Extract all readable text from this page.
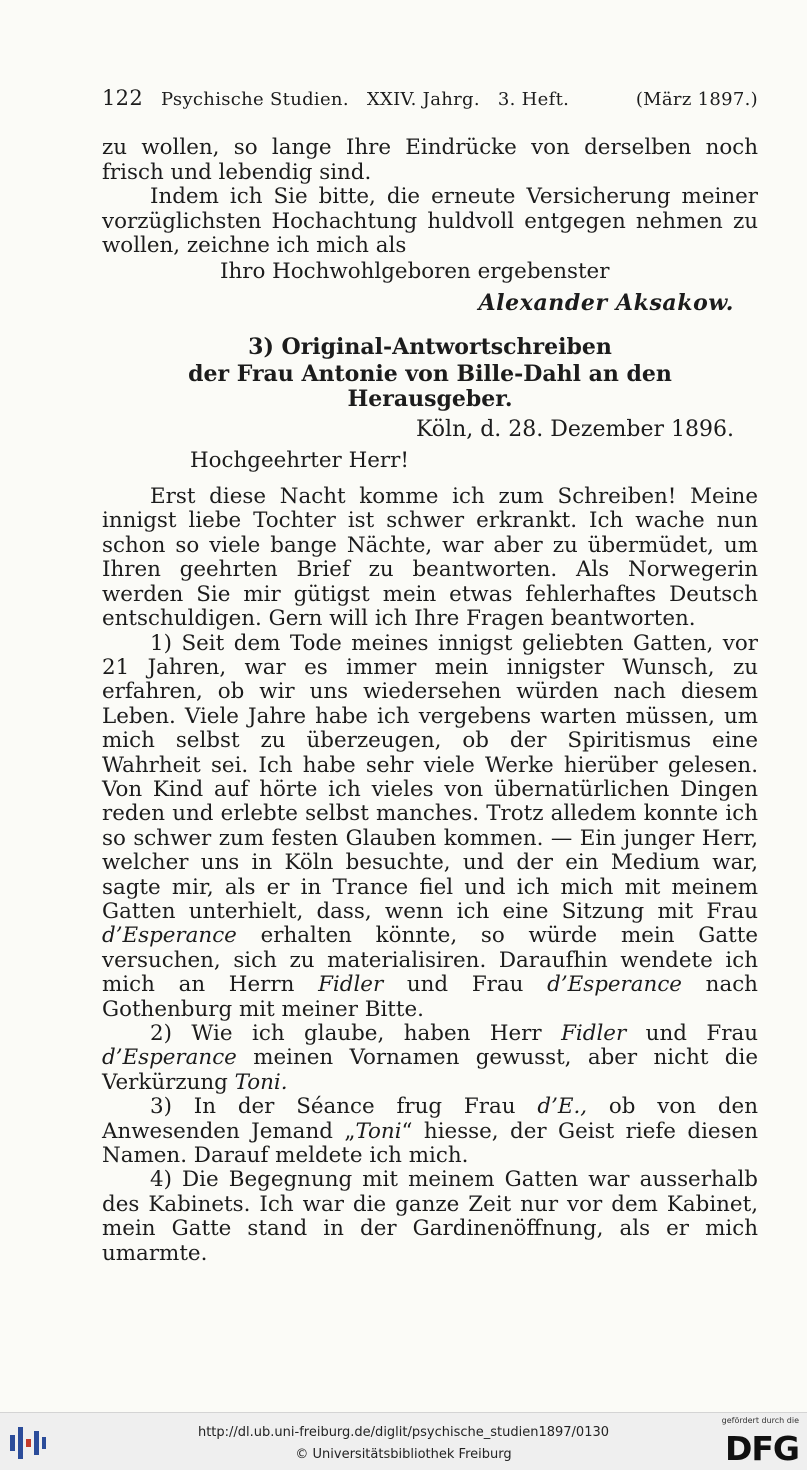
122 Psychische Studien. XXIV. Jahrg. 3. Heft.	(März 1897.)

zu wollen, so lange Ihre Eindrücke von derselben noch frisch und lebendig sind.

Indem ich Sie bitte, die erneute Versicherung meiner vorzüglichsten Hochachtung huldvoll entgegen nehmen zu wollen, zeichne ich mich als

Ihro Hochwohlgeboren ergebenster

Alexander Aksakow.

3) Original-Antwortschreiben

der Frau Antonie von Bille-Dahl an den Herausgeber.

Köln, d. 28. Dezember 1896.

Hochgeehrter Herr!

Erst diese Nacht komme ich zum Schreiben! Meine innigst liebe Tochter ist schwer erkrankt. Ich wache nun schon so viele bange Nächte, war aber zu übermüdet, um Ihren geehrten Brief zu beantworten. Als Norwegerin werden Sie mir gütigst mein etwas fehlerhaftes Deutsch entschuldigen. Gern will ich Ihre Fragen beantworten.

1) Seit dem Tode meines innigst geliebten Gatten, vor 21 Jahren, war es immer mein innigster Wunsch, zu erfahren, ob wir uns wiedersehen würden nach diesem Leben. Viele Jahre habe ich vergebens warten müssen, um mich selbst zu überzeugen, ob der Spiritismus eine Wahrheit sei. Ich habe sehr viele Werke hierüber gelesen. Von Kind auf hörte ich vieles von übernatürlichen Dingen reden und erlebte selbst manches. Trotz alledem konnte ich so schwer zum festen Glauben kommen. — Ein junger Herr, welcher uns in Köln besuchte, und der ein Medium war, sagte mir, als er in Trance fiel und ich mich mit meinem Gatten unterhielt, dass, wenn ich eine Sitzung mit Frau d’Esperance erhalten könnte, so würde mein Gatte versuchen, sich zu materialisiren. Daraufhin wendete ich mich an Herrn Fidler und Frau d’Esperance nach Gothenburg mit meiner Bitte.

2) Wie ich glaube, haben Herr Fidler und Frau d’Esperance meinen Vornamen gewusst, aber nicht die Verkürzung Toni.

3) In der Séance frug Frau d’E., ob von den Anwesenden Jemand „Toni“ hiesse, der Geist riefe diesen Namen. Darauf meldete ich mich.

4) Die Begegnung mit meinem Gatten war ausserhalb des Kabinets. Ich war die ganze Zeit nur vor dem Kabinet, mein Gatte stand in der Gardinenöffnung, als er mich umarmte.

http://dl.ub.uni-freiburg.de/diglit/psychische_studien1897/0130
© Universitätsbibliothek Freiburg
gefördert durch die
DFG
